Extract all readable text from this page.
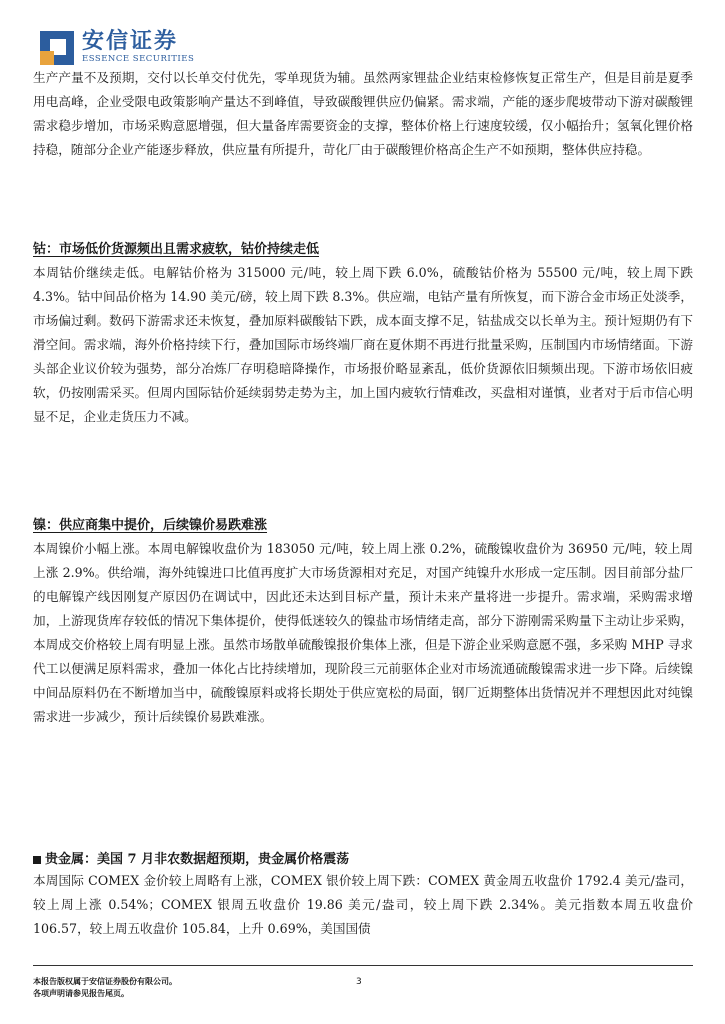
安信证券
ESSENCE SECURITIES

生产产量不及预期，交付以长单交付优先，零单现货为辅。虽然两家锂盐企业结束检修恢复正常生产，但是目前是夏季用电高峰，企业受限电政策影响产量达不到峰值，导致碳酸锂供应仍偏紧。需求端，产能的逐步爬坡带动下游对碳酸锂需求稳步增加，市场采购意愿增强，但大量备库需要资金的支撑，整体价格上行速度较缓，仅小幅抬升；氢氧化锂价格持稳，随部分企业产能逐步释放，供应量有所提升，苛化厂由于碳酸锂价格高企生产不如预期，整体供应持稳。

钴：市场低价货源频出且需求疲软，钴价持续走低

本周钴价继续走低。电解钴价格为 315000 元/吨，较上周下跌 6.0%，硫酸钴价格为 55500 元/吨，较上周下跌 4.3%。钴中间品价格为 14.90 美元/磅，较上周下跌 8.3%。供应端，电钴产量有所恢复，而下游合金市场正处淡季，市场偏过剩。数码下游需求还未恢复，叠加原料碳酸钴下跌，成本面支撑不足，钴盐成交以长单为主。预计短期仍有下滑空间。需求端，海外价格持续下行，叠加国际市场终端厂商在夏休期不再进行批量采购，压制国内市场情绪面。下游头部企业议价较为强势，部分冶炼厂存明稳暗降操作，市场报价略显紊乱，低价货源依旧频频出现。下游市场依旧疲软，仍按刚需采买。但周内国际钴价延续弱势走势为主，加上国内疲软行情难改，买盘相对谨慎，业者对于后市信心明显不足，企业走货压力不减。

镍：供应商集中提价，后续镍价易跌难涨

本周镍价小幅上涨。本周电解镍收盘价为 183050 元/吨，较上周上涨 0.2%，硫酸镍收盘价为 36950 元/吨，较上周上涨 2.9%。供给端，海外纯镍进口比值再度扩大市场货源相对充足，对国产纯镍升水形成一定压制。因目前部分盐厂的电解镍产线因刚复产原因仍在调试中，因此还未达到目标产量，预计未来产量将进一步提升。需求端，采购需求增加，上游现货库存较低的情况下集体提价，使得低迷较久的镍盐市场情绪走高，部分下游刚需采购量下主动让步采购，本周成交价格较上周有明显上涨。虽然市场散单硫酸镍报价集体上涨，但是下游企业采购意愿不强，多采购 MHP 寻求代工以便满足原料需求，叠加一体化占比持续增加，现阶段三元前驱体企业对市场流通硫酸镍需求进一步下降。后续镍中间品原料仍在不断增加当中，硫酸镍原料或将长期处于供应宽松的局面，钢厂近期整体出货情况并不理想因此对纯镍需求进一步减少，预计后续镍价易跌难涨。

贵金属：美国 7 月非农数据超预期，贵金属价格震荡

本周国际 COMEX 金价较上周略有上涨，COMEX 银价较上周下跌：COMEX 黄金周五收盘价 1792.4 美元/盎司，较上周上涨 0.54%；COMEX 银周五收盘价 19.86 美元/盎司，较上周下跌 2.34%。美元指数本周五收盘价 106.57，较上周五收盘价 105.84，上升 0.69%，美国国债

本报告版权属于安信证券股份有限公司。
各项声明请参见报告尾页。
3
